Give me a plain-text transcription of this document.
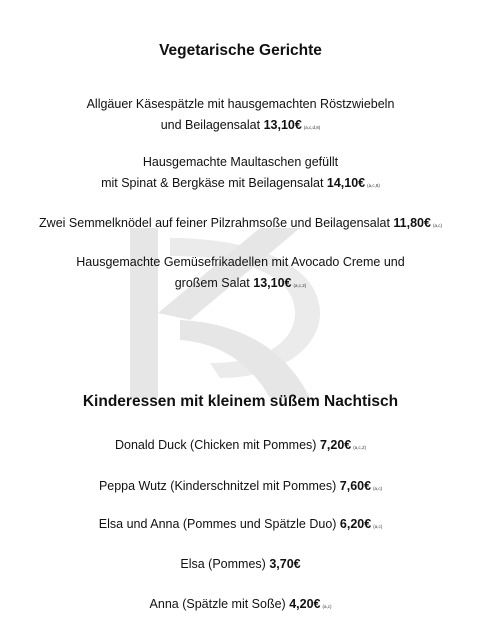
Vegetarische Gerichte
Allgäuer Käsespätzle mit hausgemachten Röstzwiebeln
und Beilagensalat 13,10€ (a,c,d,8)
Hausgemachte Maultaschen gefüllt
mit Spinat & Bergkäse mit Beilagensalat 14,10€ (a,c,8)
Zwei Semmelknödel auf feiner Pilzrahmsoße und Beilagensalat 11,80€ (a,c)
Hausgemachte Gemüsefrikadellen mit Avocado Creme und
großem Salat 13,10€ (a,c,2)
Kinderessen mit kleinem süßem Nachtisch
Donald Duck (Chicken mit Pommes) 7,20€ (a,c,2)
Peppa Wutz (Kinderschnitzel mit Pommes) 7,60€ (a,c)
Elsa und Anna (Pommes und Spätzle Duo) 6,20€ (a,c)
Elsa (Pommes) 3,70€
Anna (Spätzle mit Soße) 4,20€ (a,c)
